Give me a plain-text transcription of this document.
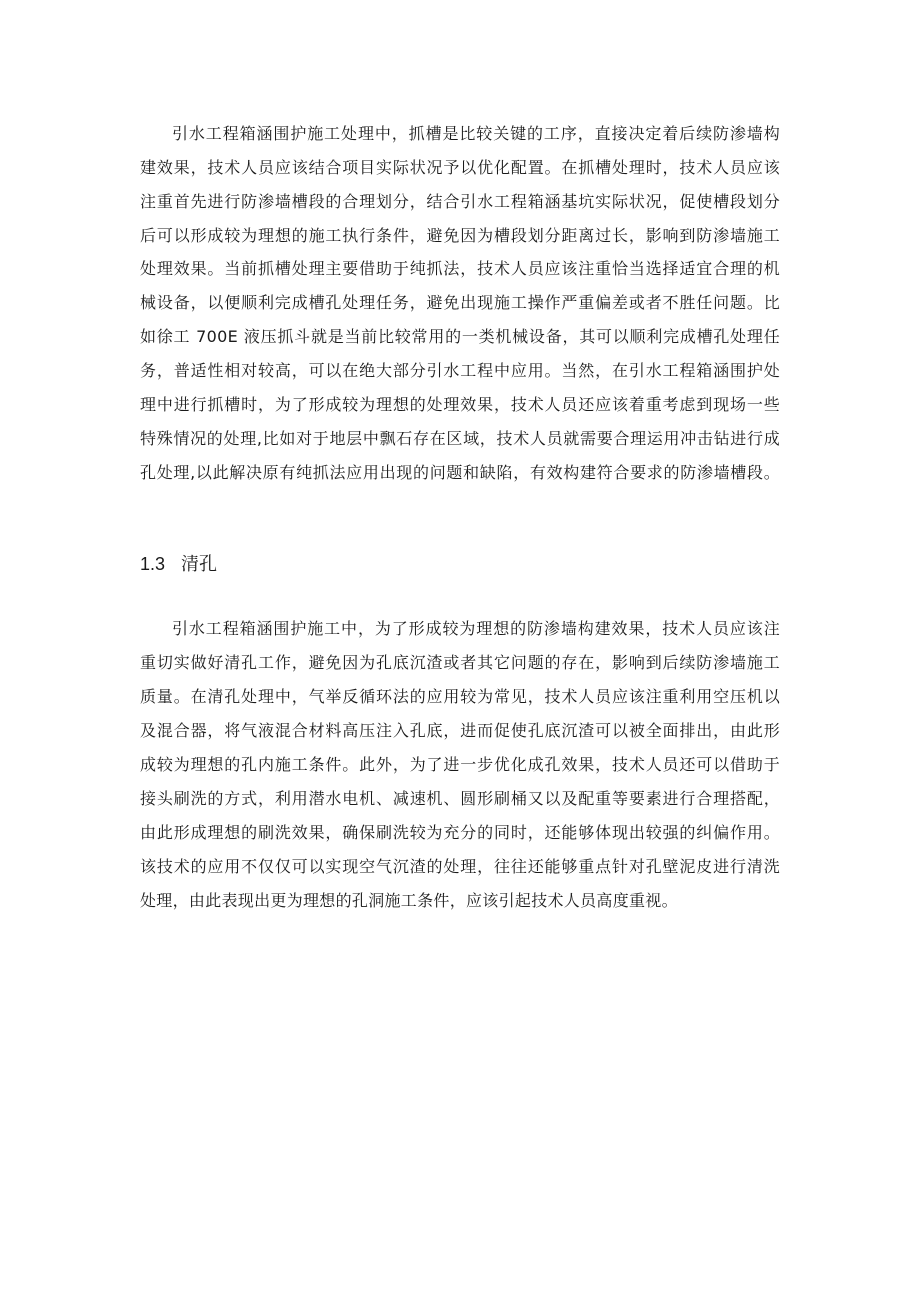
引水工程箱涵围护施工处理中，抓槽是比较关键的工序，直接决定着后续防渗墙构
建效果，技术人员应该结合项目实际状况予以优化配置。在抓槽处理时，技术人员应该
注重首先进行防渗墙槽段的合理划分，结合引水工程箱涵基坑实际状况，促使槽段划分
后可以形成较为理想的施工执行条件，避免因为槽段划分距离过长，影响到防渗墙施工
处理效果。当前抓槽处理主要借助于纯抓法，技术人员应该注重恰当选择适宜合理的机
械设备，以便顺利完成槽孔处理任务，避免出现施工操作严重偏差或者不胜任问题。比
如徐工 700E 液压抓斗就是当前比较常用的一类机械设备，其可以顺利完成槽孔处理任
务，普适性相对较高，可以在绝大部分引水工程中应用。当然，在引水工程箱涵围护处
理中进行抓槽时，为了形成较为理想的处理效果，技术人员还应该着重考虑到现场一些
特殊情况的处理,比如对于地层中飘石存在区域，技术人员就需要合理运用冲击钻进行成
孔处理,以此解决原有纯抓法应用出现的问题和缺陷，有效构建符合要求的防渗墙槽段。
1.3 清孔
引水工程箱涵围护施工中，为了形成较为理想的防渗墙构建效果，技术人员应该注
重切实做好清孔工作，避免因为孔底沉渣或者其它问题的存在，影响到后续防渗墙施工
质量。在清孔处理中，气举反循环法的应用较为常见，技术人员应该注重利用空压机以
及混合器，将气液混合材料高压注入孔底，进而促使孔底沉渣可以被全面排出，由此形
成较为理想的孔内施工条件。此外，为了进一步优化成孔效果，技术人员还可以借助于
接头刷洗的方式，利用潜水电机、减速机、圆形刷桶又以及配重等要素进行合理搭配，
由此形成理想的刷洗效果，确保刷洗较为充分的同时，还能够体现出较强的纠偏作用。
该技术的应用不仅仅可以实现空气沉渣的处理，往往还能够重点针对孔壁泥皮进行清洗
处理，由此表现出更为理想的孔洞施工条件，应该引起技术人员高度重视。
